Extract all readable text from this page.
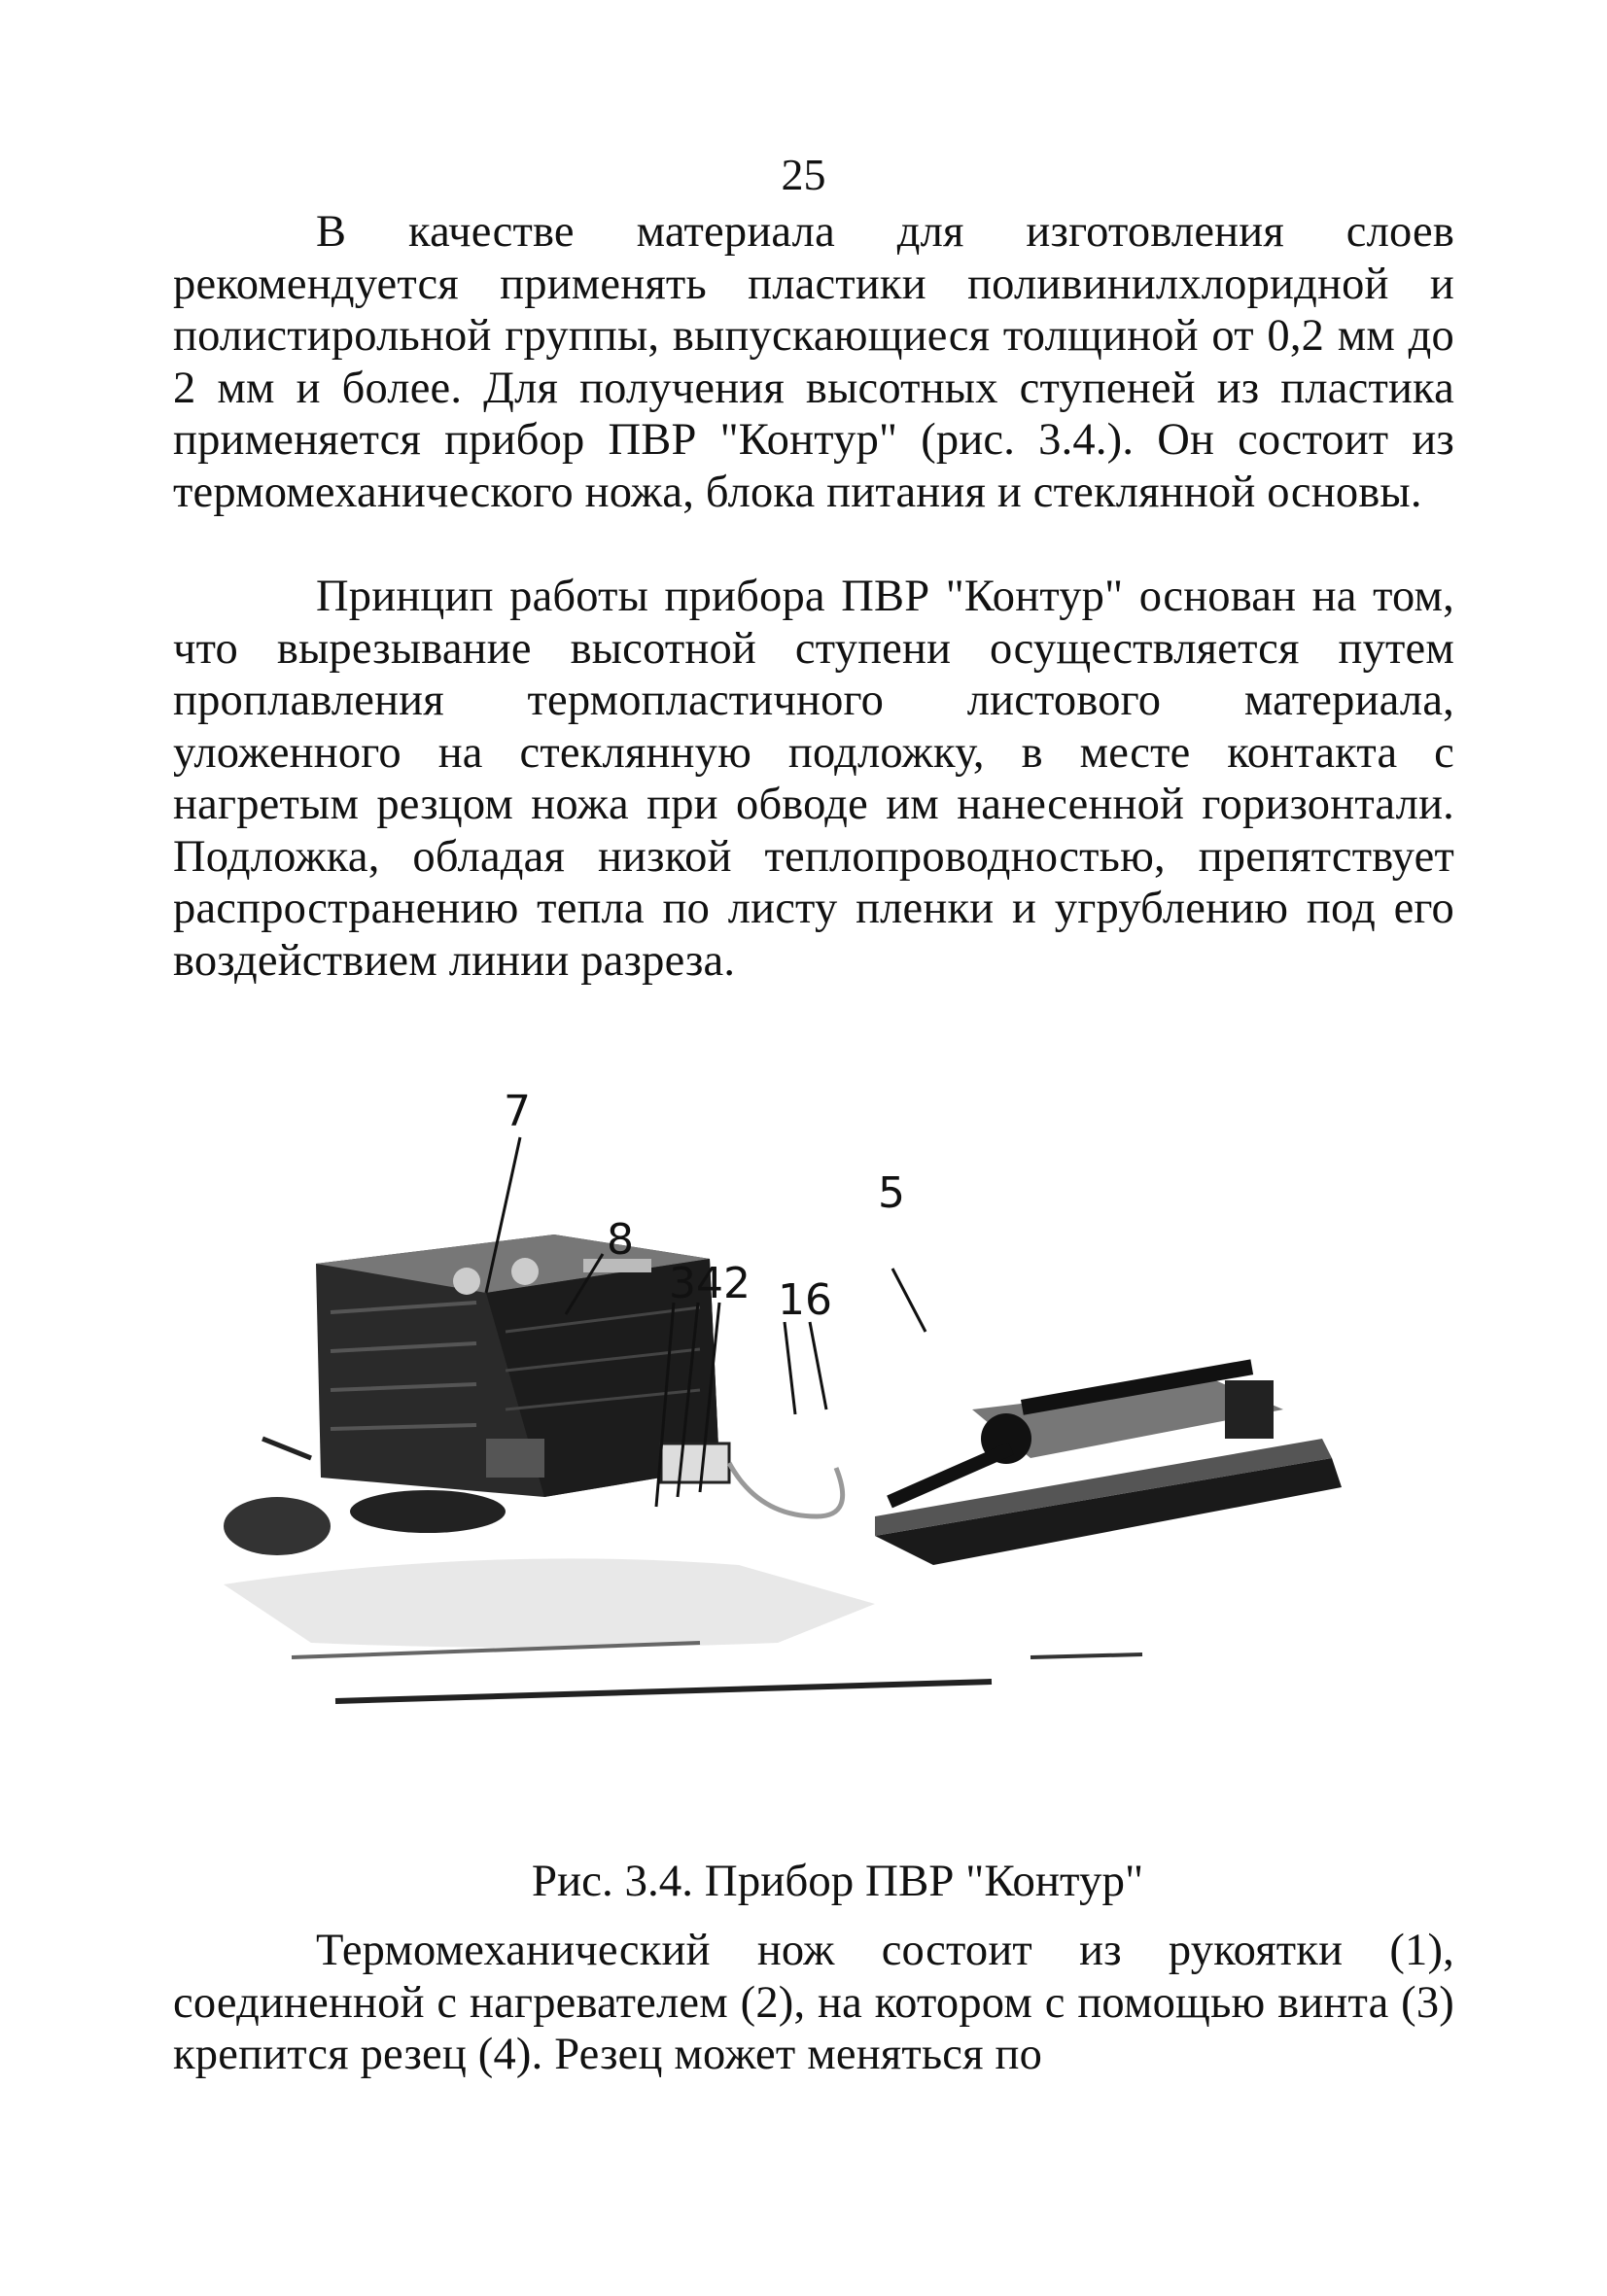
25

В качестве материала для изготовления слоев рекомендуется применять пластики поливинилхлоридной и полистирольной группы, выпускающиеся толщиной от 0,2 мм до 2 мм и более. Для получения высотных ступеней из пластика применяется прибор ПВР "Контур" (рис. 3.4.). Он состоит из термомеханического ножа, блока питания и стеклянной основы.

Принцип работы прибора ПВР "Контур" основан на том, что вырезывание высотной ступени осуществляется путем проплавления термопластичного листового материала, уложенного на стеклянную подложку, в месте контакта с нагретым резцом ножа при обводе им нанесенной горизонтали. Подложка, обладая низкой теплопроводностью, препятствует распространению тепла по листу пленки и угрублению под его воздействием линии разреза.

7
8
342 1 6
5
Рис. 3.4. Прибор ПВР "Контур"

Термомеханический нож состоит из рукоятки (1), соединенной с нагревателем (2), на котором с помощью винта (3) крепится резец (4). Резец может меняться по
